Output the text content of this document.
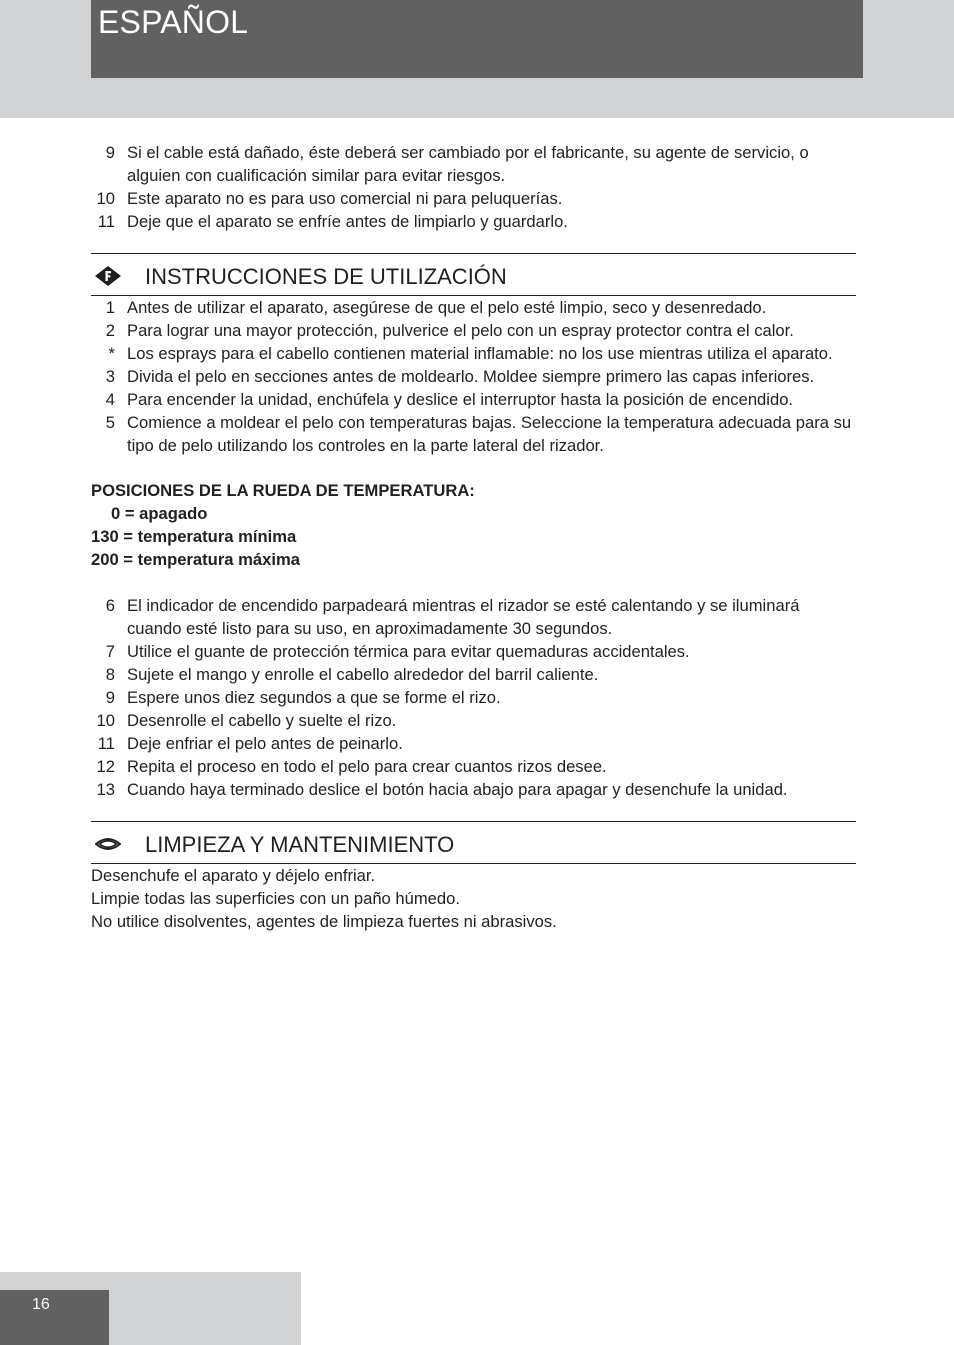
ESPAÑOL
9 Si el cable está dañado, éste deberá ser cambiado por el fabricante, su agente de servicio, o alguien con cualificación similar para evitar riesgos.
10 Este aparato no es para uso comercial ni para peluquerías.
11 Deje que el aparato se enfríe antes de limpiarlo y guardarlo.
INSTRUCCIONES DE UTILIZACIÓN
1 Antes de utilizar el aparato, asegúrese de que el pelo esté limpio, seco y desenredado.
2 Para lograr una mayor protección, pulverice el pelo con un espray protector contra el calor.
* Los esprays para el cabello contienen material inflamable: no los use mientras utiliza el aparato.
3 Divida el pelo en secciones antes de moldearlo. Moldee siempre primero las capas inferiores.
4 Para encender la unidad, enchúfela y deslice el interruptor hasta la posición de encendido.
5 Comience a moldear el pelo con temperaturas bajas. Seleccione la temperatura adecuada para su tipo de pelo utilizando los controles en la parte lateral del rizador.
POSICIONES DE LA RUEDA DE TEMPERATURA:
0 = apagado
130 = temperatura mínima
200 = temperatura máxima
6 El indicador de encendido parpadeará mientras el rizador se esté calentando y se iluminará cuando esté listo para su uso, en aproximadamente 30 segundos.
7 Utilice el guante de protección térmica para evitar quemaduras accidentales.
8 Sujete el mango y enrolle el cabello alrededor del barril caliente.
9 Espere unos diez segundos a que se forme el rizo.
10 Desenrolle el cabello y suelte el rizo.
11 Deje enfriar el pelo antes de peinarlo.
12 Repita el proceso en todo el pelo para crear cuantos rizos desee.
13 Cuando haya terminado deslice el botón hacia abajo para apagar y desenchufe la unidad.
LIMPIEZA Y MANTENIMIENTO

Desenchufe el aparato y déjelo enfriar.

Limpie todas las superficies con un paño húmedo.

No utilice disolventes, agentes de limpieza fuertes ni abrasivos.

16
